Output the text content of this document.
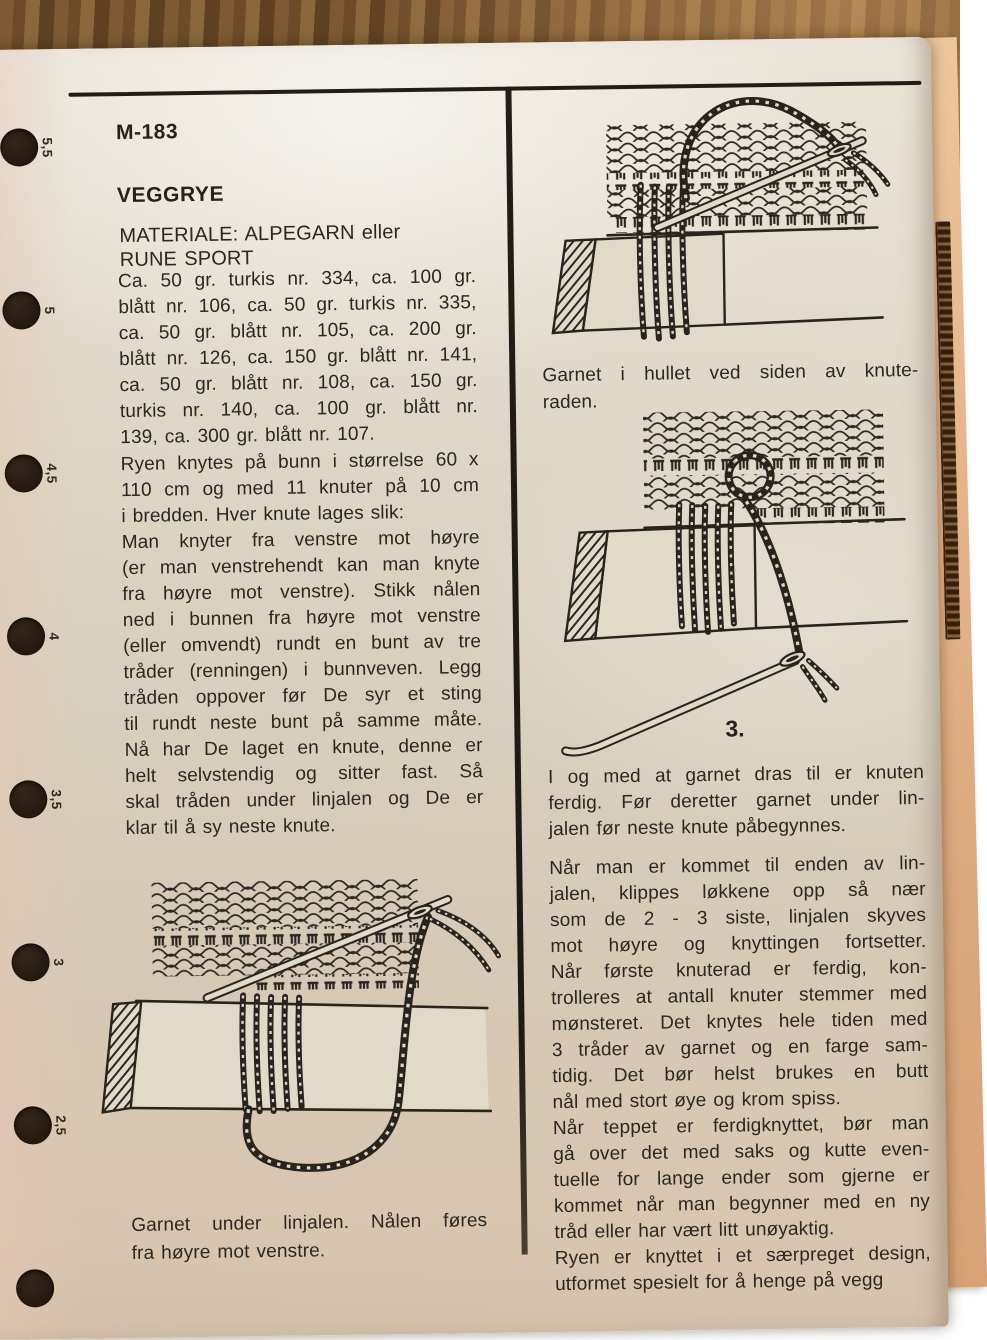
5,5
5
4,5
4
3,5
3
2,5
M-183
VEGGRYE
MATERIALE: ALPEGARN eller
RUNE SPORT
Ca. 50 gr. turkis nr. 334, ca. 100 gr.
blått nr. 106, ca. 50 gr. turkis nr. 335,
ca. 50 gr. blått nr. 105, ca. 200 gr.
blått nr. 126, ca. 150 gr. blått nr. 141,
ca. 50 gr. blått nr. 108, ca. 150 gr.
turkis nr. 140, ca. 100 gr. blått nr.
139, ca. 300 gr. blått nr. 107.
Ryen knytes på bunn i størrelse 60 x
110 cm og med 11 knuter på 10 cm
i bredden. Hver knute lages slik:
Man knyter fra venstre mot høyre
(er man venstrehendt kan man knyte
fra høyre mot venstre). Stikk nålen
ned i bunnen fra høyre mot venstre
(eller omvendt) rundt en bunt av tre
tråder (renningen) i bunnveven. Legg
tråden oppover før De syr et sting
til rundt neste bunt på samme måte.
Nå har De laget en knute, denne er
helt selvstendig og sitter fast. Så
skal tråden under linjalen og De er
klar til å sy neste knute.
Garnet under linjalen. Nålen føres
fra høyre mot venstre.
Garnet i hullet ved siden av knute-
raden.
3.
I og med at garnet dras til er knuten
ferdig. Før deretter garnet under lin-
jalen før neste knute påbegynnes.
Når man er kommet til enden av lin-
jalen, klippes løkkene opp så nær
som de 2 - 3 siste, linjalen skyves
mot høyre og knyttingen fortsetter.
Når første knuterad er ferdig, kon-
trolleres at antall knuter stemmer med
mønsteret. Det knytes hele tiden med
3 tråder av garnet og en farge sam-
tidig. Det bør helst brukes en butt
nål med stort øye og krom spiss.
Når teppet er ferdigknyttet, bør man
gå over det med saks og kutte even-
tuelle for lange ender som gjerne er
kommet når man begynner med en ny
tråd eller har vært litt unøyaktig.
Ryen er knyttet i et særpreget design,
utformet spesielt for å henge på vegg
